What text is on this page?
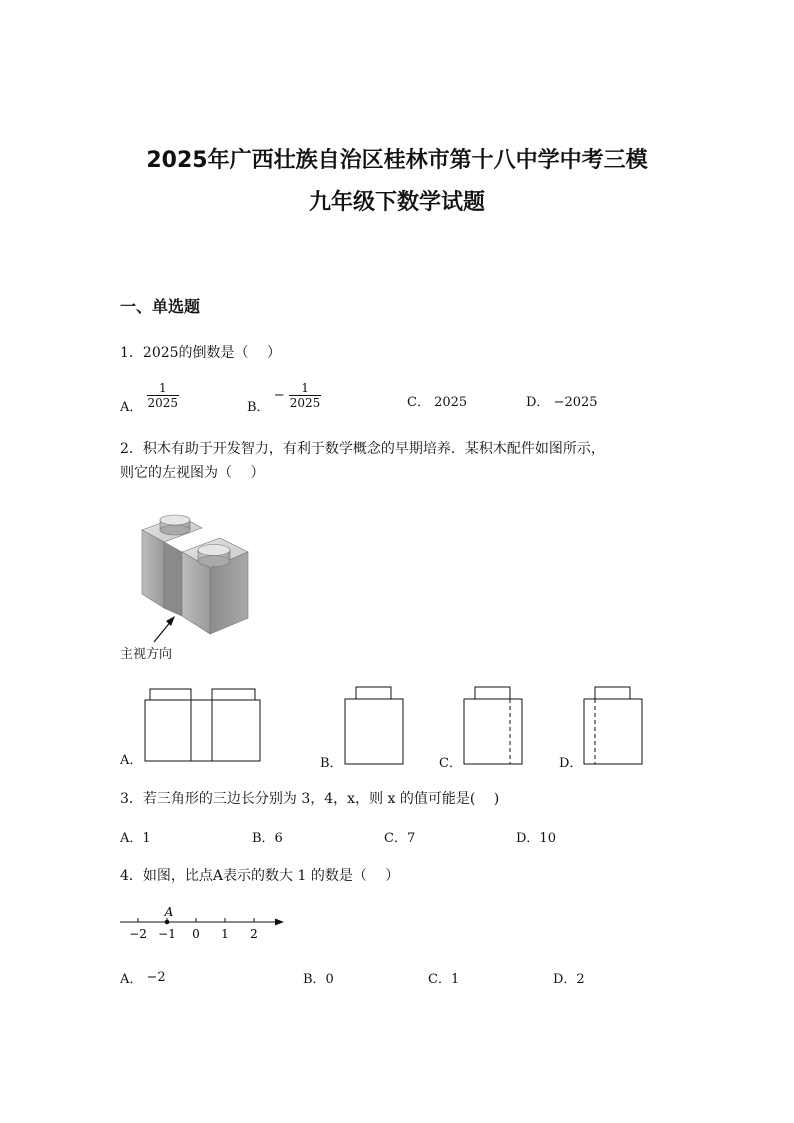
2025年广西壮族自治区桂林市第十八中学中考三模
九年级下数学试题
一、单选题
1．2025的倒数是（　 ）
A． $\frac{1}{2025}$	B． − $\frac{1}{2025}$	C． 2025	D． −2025
2．积木有助于开发智力，有利于数学概念的早期培养．某积木配件如图所示，
则它的左视图为（　 ）
主视方向
A．	B．	C．	D．
3．若三角形的三边长分别为 3，4，x，则 x 的值可能是(　 )
A．1	B．6	C．7	D．10
4．如图，比点A表示的数大 1 的数是（　 ）
−2 −1 0 1 2
A
A． −2	B．0	C．1	D．2
